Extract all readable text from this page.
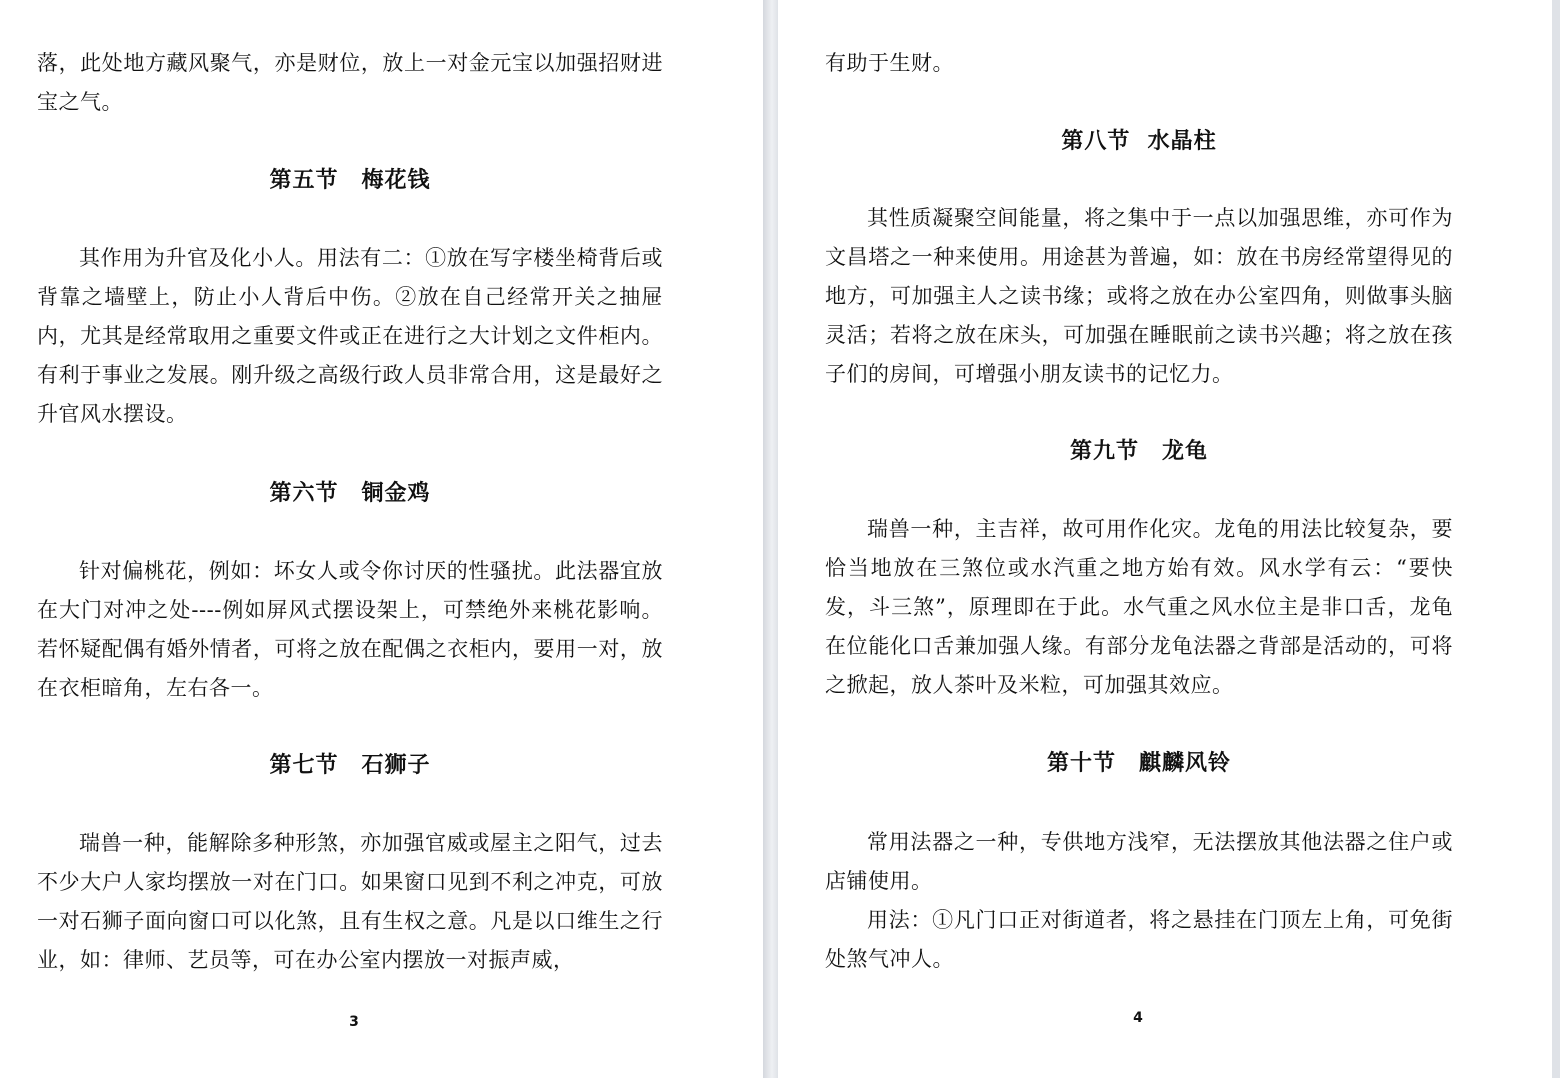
落，此处地方藏风聚气，亦是财位，放上一对金元宝以加强招财进宝之气。

第五节　梅花钱

其作用为升官及化小人。用法有二：①放在写字楼坐椅背后或背靠之墙壁上，防止小人背后中伤。②放在自己经常开关之抽屉内，尤其是经常取用之重要文件或正在进行之大计划之文件柜内。有利于事业之发展。刚升级之高级行政人员非常合用，这是最好之升官风水摆设。

第六节　铜金鸡

针对偏桃花，例如：坏女人或令你讨厌的性骚扰。此法器宜放在大门对冲之处----例如屏风式摆设架上，可禁绝外来桃花影响。若怀疑配偶有婚外情者，可将之放在配偶之衣柜内，要用一对，放在衣柜暗角，左右各一。

第七节　石狮子

瑞兽一种，能解除多种形煞，亦加强官威或屋主之阳气，过去不少大户人家均摆放一对在门口。如果窗口见到不利之冲克，可放一对石狮子面向窗口可以化煞，且有生权之意。凡是以口维生之行业，如：律师、艺员等，可在办公室内摆放一对振声威，

3

有助于生财。

第八节  水晶柱

其性质凝聚空间能量，将之集中于一点以加强思维，亦可作为文昌塔之一种来使用。用途甚为普遍，如：放在书房经常望得见的地方，可加强主人之读书缘；或将之放在办公室四角，则做事头脑灵活；若将之放在床头，可加强在睡眠前之读书兴趣；将之放在孩子们的房间，可增强小朋友读书的记忆力。

第九节　龙龟

瑞兽一种，主吉祥，故可用作化灾。龙龟的用法比较复杂，要恰当地放在三煞位或水汽重之地方始有效。风水学有云：“要快发，斗三煞”，原理即在于此。水气重之风水位主是非口舌，龙龟在位能化口舌兼加强人缘。有部分龙龟法器之背部是活动的，可将之掀起，放人茶叶及米粒，可加强其效应。

第十节　麒麟风铃

常用法器之一种，专供地方浅窄，无法摆放其他法器之住户或店铺使用。

用法：①凡门口正对街道者，将之悬挂在门顶左上角，可免街处煞气冲人。

4
